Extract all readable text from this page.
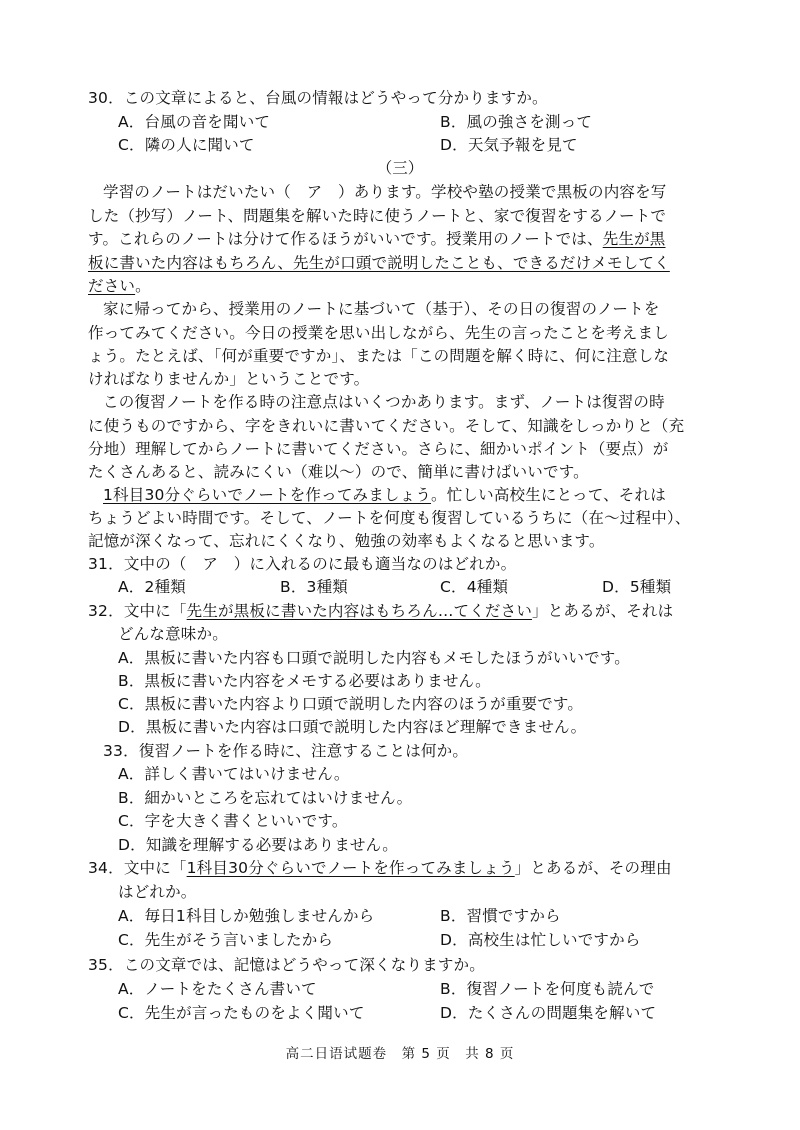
30．この文章によると、台風の情報はどうやって分かりますか。
A．台風の音を聞いて	B．風の強さを測って
C．隣の人に聞いて	D．天気予報を見て
（三）
学習のノートはだいたい（　ア　）あります。学校や塾の授業で黒板の内容を写
した（抄写）ノート、問題集を解いた時に使うノートと、家で復習をするノートで
す。これらのノートは分けて作るほうがいいです。授業用のノートでは、先生が黒
板に書いた内容はもちろん、先生が口頭で説明したことも、できるだけメモしてく
ださい。
家に帰ってから、授業用のノートに基づいて（基于）、その日の復習のノートを
作ってみてください。今日の授業を思い出しながら、先生の言ったことを考えまし
ょう。たとえば、「何が重要ですか」、または「この問題を解く時に、何に注意しな
ければなりませんか」ということです。
この復習ノートを作る時の注意点はいくつかあります。まず、ノートは復習の時
に使うものですから、字をきれいに書いてください。そして、知識をしっかりと（充
分地）理解してからノートに書いてください。さらに、細かいポイント（要点）が
たくさんあると、読みにくい（难以～）ので、簡単に書けばいいです。
1科目30分ぐらいでノートを作ってみましょう。忙しい高校生にとって、それは
ちょうどよい時間です。そして、ノートを何度も復習しているうちに（在～过程中）、
記憶が深くなって、忘れにくくなり、勉強の効率もよくなると思います。
31．文中の（　ア　）に入れるのに最も適当なのはどれか。
A．2種類	B．3種類	C．4種類	D．5種類
32．文中に「先生が黒板に書いた内容はもちろん…てください」とあるが、それは
どんな意味か。
A．黒板に書いた内容も口頭で説明した内容もメモしたほうがいいです。
B．黒板に書いた内容をメモする必要はありません。
C．黒板に書いた内容より口頭で説明した内容のほうが重要です。
D．黒板に書いた内容は口頭で説明した内容ほど理解できません。
33．復習ノートを作る時に、注意することは何か。
A．詳しく書いてはいけません。
B．細かいところを忘れてはいけません。
C．字を大きく書くといいです。
D．知識を理解する必要はありません。
34．文中に「1科目30分ぐらいでノートを作ってみましょう」とあるが、その理由
はどれか。
A．毎日1科目しか勉強しませんから	B．習慣ですから
C．先生がそう言いましたから	D．高校生は忙しいですから
35．この文章では、記憶はどうやって深くなりますか。
A．ノートをたくさん書いて	B．復習ノートを何度も読んで
C．先生が言ったものをよく聞いて	D．たくさんの問題集を解いて
高二日语试题卷　第 5 页　共 8 页
